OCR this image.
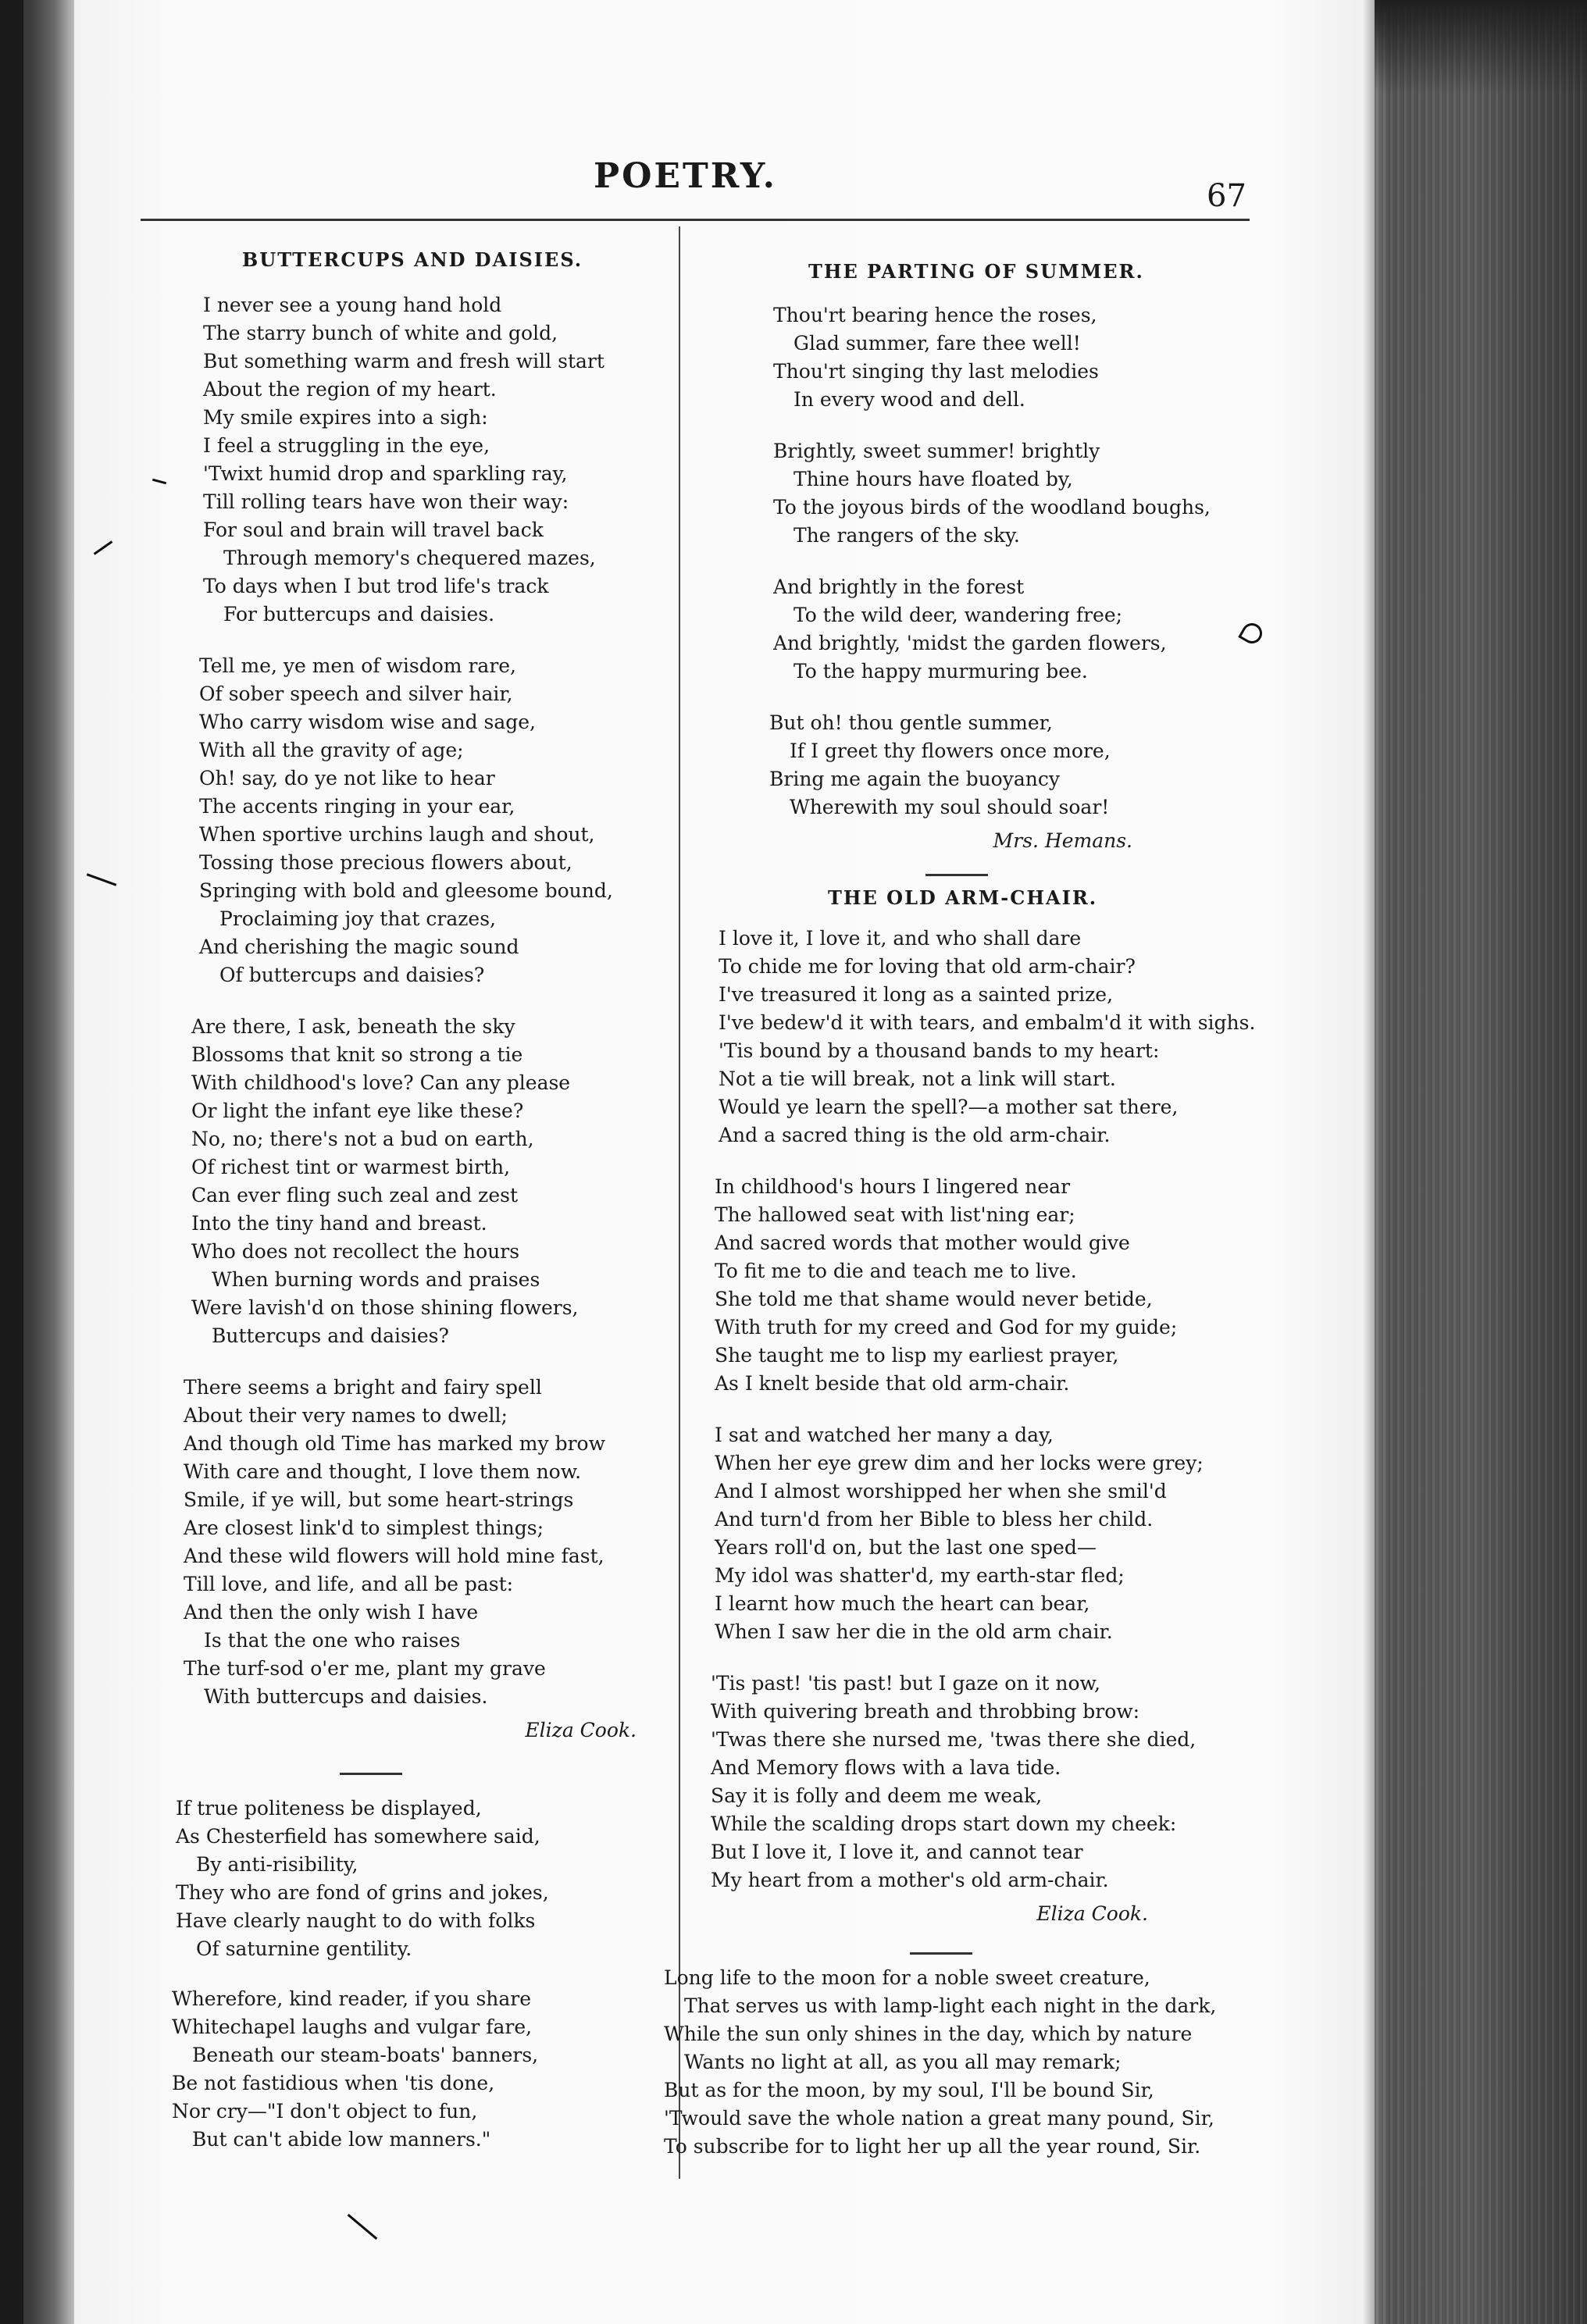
POETRY.	67

BUTTERCUPS AND DAISIES.

I never see a young hand hold

The starry bunch of white and gold,

But something warm and fresh will start

About the region of my heart.

My smile expires into a sigh:

I feel a struggling in the eye,

'Twixt humid drop and sparkling ray,

Till rolling tears have won their way:

For soul and brain will travel back

Through memory's chequered mazes,

To days when I but trod life's track

For buttercups and daisies.

Tell me, ye men of wisdom rare,

Of sober speech and silver hair,

Who carry wisdom wise and sage,

With all the gravity of age;

Oh! say, do ye not like to hear

The accents ringing in your ear,

When sportive urchins laugh and shout,

Tossing those precious flowers about,

Springing with bold and gleesome bound,

Proclaiming joy that crazes,

And cherishing the magic sound

Of buttercups and daisies?

Are there, I ask, beneath the sky

Blossoms that knit so strong a tie

With childhood's love? Can any please

Or light the infant eye like these?

No, no; there's not a bud on earth,

Of richest tint or warmest birth,

Can ever fling such zeal and zest

Into the tiny hand and breast.

Who does not recollect the hours

When burning words and praises

Were lavish'd on those shining flowers,

Buttercups and daisies?

There seems a bright and fairy spell

About their very names to dwell;

And though old Time has marked my brow

With care and thought, I love them now.

Smile, if ye will, but some heart-strings

Are closest link'd to simplest things;

And these wild flowers will hold mine fast,

Till love, and life, and all be past:

And then the only wish I have

Is that the one who raises

The turf-sod o'er me, plant my grave

With buttercups and daisies.

Eliza Cook.

If true politeness be displayed,

As Chesterfield has somewhere said,

By anti-risibility,

They who are fond of grins and jokes,

Have clearly naught to do with folks

Of saturnine gentility.

Wherefore, kind reader, if you share

Whitechapel laughs and vulgar fare,

Beneath our steam-boats' banners,

Be not fastidious when 'tis done,

Nor cry—"I don't object to fun,

But can't abide low manners."

THE PARTING OF SUMMER.

Thou'rt bearing hence the roses,

Glad summer, fare thee well!

Thou'rt singing thy last melodies

In every wood and dell.

Brightly, sweet summer! brightly

Thine hours have floated by,

To the joyous birds of the woodland boughs,

The rangers of the sky.

And brightly in the forest

To the wild deer, wandering free;

And brightly, 'midst the garden flowers,

To the happy murmuring bee.

But oh! thou gentle summer,

If I greet thy flowers once more,

Bring me again the buoyancy

Wherewith my soul should soar!

Mrs. Hemans.

THE OLD ARM-CHAIR.

I love it, I love it, and who shall dare

To chide me for loving that old arm-chair?

I've treasured it long as a sainted prize,

I've bedew'd it with tears, and embalm'd it with sighs.

'Tis bound by a thousand bands to my heart:

Not a tie will break, not a link will start.

Would ye learn the spell?—a mother sat there,

And a sacred thing is the old arm-chair.

In childhood's hours I lingered near

The hallowed seat with list'ning ear;

And sacred words that mother would give

To fit me to die and teach me to live.

She told me that shame would never betide,

With truth for my creed and God for my guide;

She taught me to lisp my earliest prayer,

As I knelt beside that old arm-chair.

I sat and watched her many a day,

When her eye grew dim and her locks were grey;

And I almost worshipped her when she smil'd

And turn'd from her Bible to bless her child.

Years roll'd on, but the last one sped—

My idol was shatter'd, my earth-star fled;

I learnt how much the heart can bear,

When I saw her die in the old arm chair.

'Tis past! 'tis past! but I gaze on it now,

With quivering breath and throbbing brow:

'Twas there she nursed me, 'twas there she died,

And Memory flows with a lava tide.

Say it is folly and deem me weak,

While the scalding drops start down my cheek:

But I love it, I love it, and cannot tear

My heart from a mother's old arm-chair.

Eliza Cook.

Long life to the moon for a noble sweet creature,

That serves us with lamp-light each night in the dark,

While the sun only shines in the day, which by nature

Wants no light at all, as you all may remark;

But as for the moon, by my soul, I'll be bound Sir,

'Twould save the whole nation a great many pound, Sir,

To subscribe for to light her up all the year round, Sir.
